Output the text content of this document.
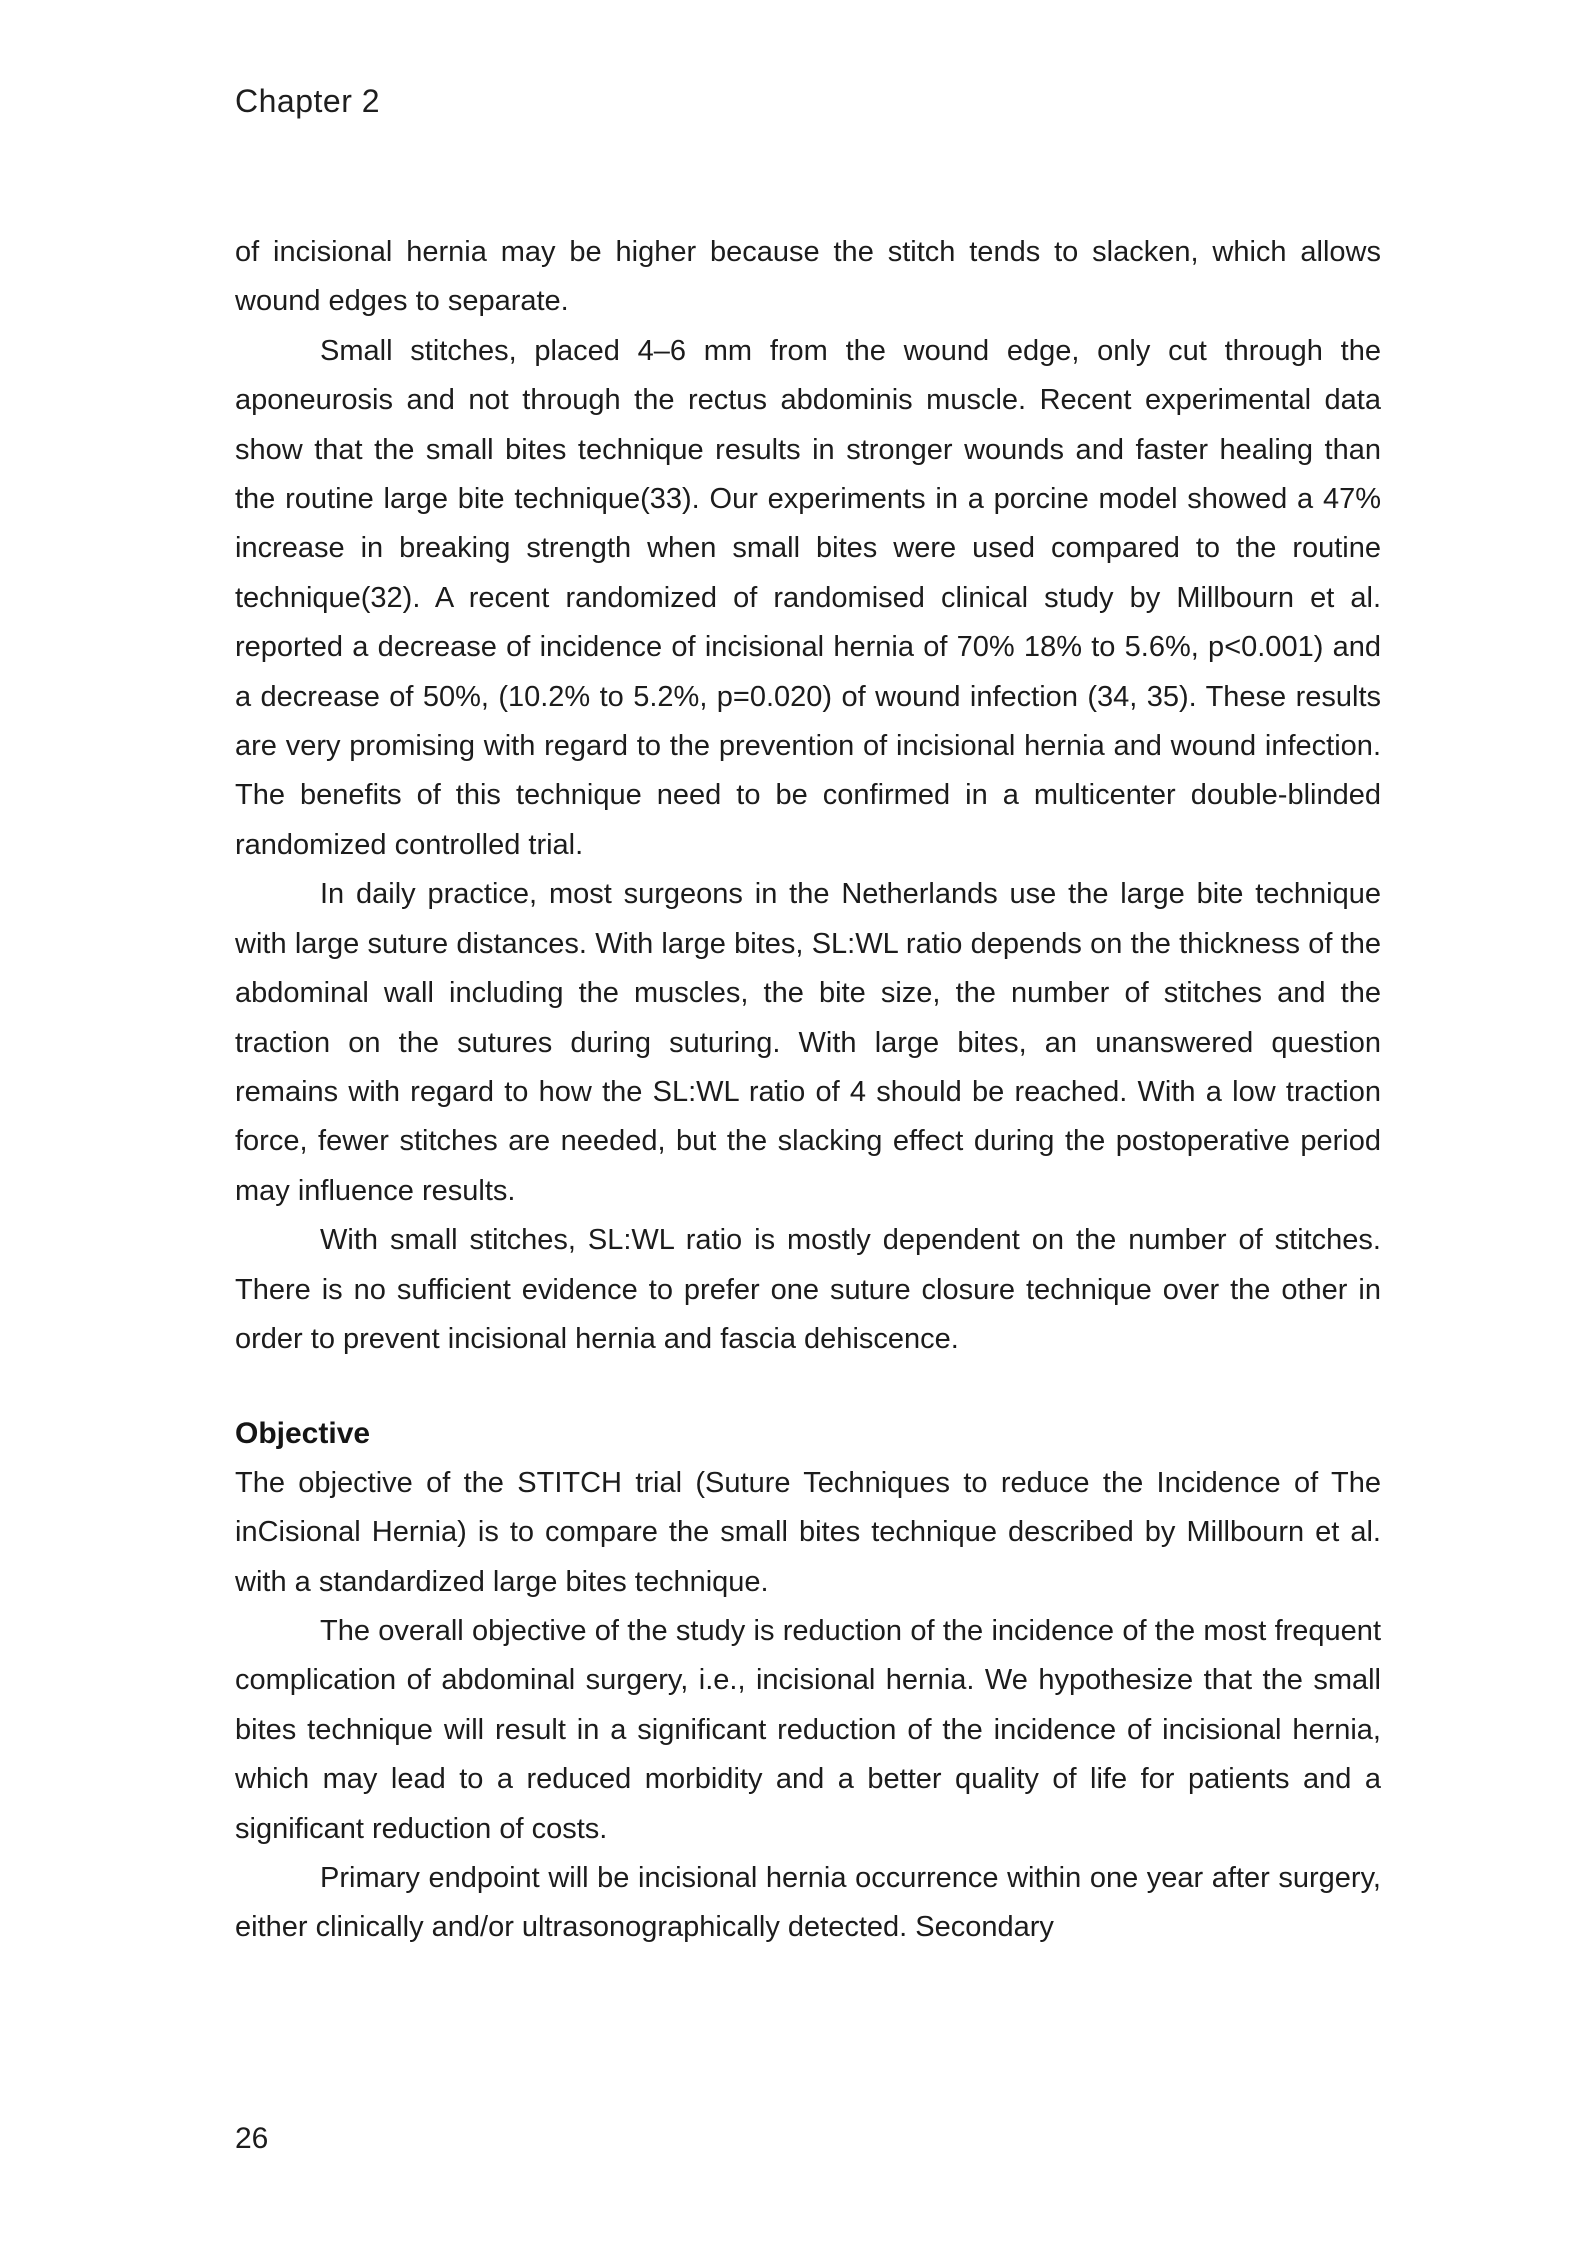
Chapter 2

of incisional hernia may be higher because the stitch tends to slacken, which allows wound edges to separate.

Small stitches, placed 4–6 mm from the wound edge, only cut through the aponeurosis and not through the rectus abdominis muscle. Recent experimental data show that the small bites technique results in stronger wounds and faster healing than the routine large bite technique(33). Our experiments in a porcine model showed a 47% increase in breaking strength when small bites were used compared to the routine technique(32). A recent randomized of randomised clinical study by Millbourn et al. reported a decrease of incidence of incisional hernia of 70% 18% to 5.6%, p<0.001) and a decrease of 50%, (10.2% to 5.2%, p=0.020) of wound infection (34, 35). These results are very promising with regard to the prevention of incisional hernia and wound infection. The benefits of this technique need to be confirmed in a multicenter double-blinded randomized controlled trial.

In daily practice, most surgeons in the Netherlands use the large bite technique with large suture distances. With large bites, SL:WL ratio depends on the thickness of the abdominal wall including the muscles, the bite size, the number of stitches and the traction on the sutures during suturing. With large bites, an unanswered question remains with regard to how the SL:WL ratio of 4 should be reached. With a low traction force, fewer stitches are needed, but the slacking effect during the postoperative period may influence results.

With small stitches, SL:WL ratio is mostly dependent on the number of stitches. There is no sufficient evidence to prefer one suture closure technique over the other in order to prevent incisional hernia and fascia dehiscence.

Objective

The objective of the STITCH trial (Suture Techniques to reduce the Incidence of The inCisional Hernia) is to compare the small bites technique described by Millbourn et al. with a standardized large bites technique.

The overall objective of the study is reduction of the incidence of the most frequent complication of abdominal surgery, i.e., incisional hernia. We hypothesize that the small bites technique will result in a significant reduction of the incidence of incisional hernia, which may lead to a reduced morbidity and a better quality of life for patients and a significant reduction of costs.

Primary endpoint will be incisional hernia occurrence within one year after surgery, either clinically and/or ultrasonographically detected. Secondary

26
